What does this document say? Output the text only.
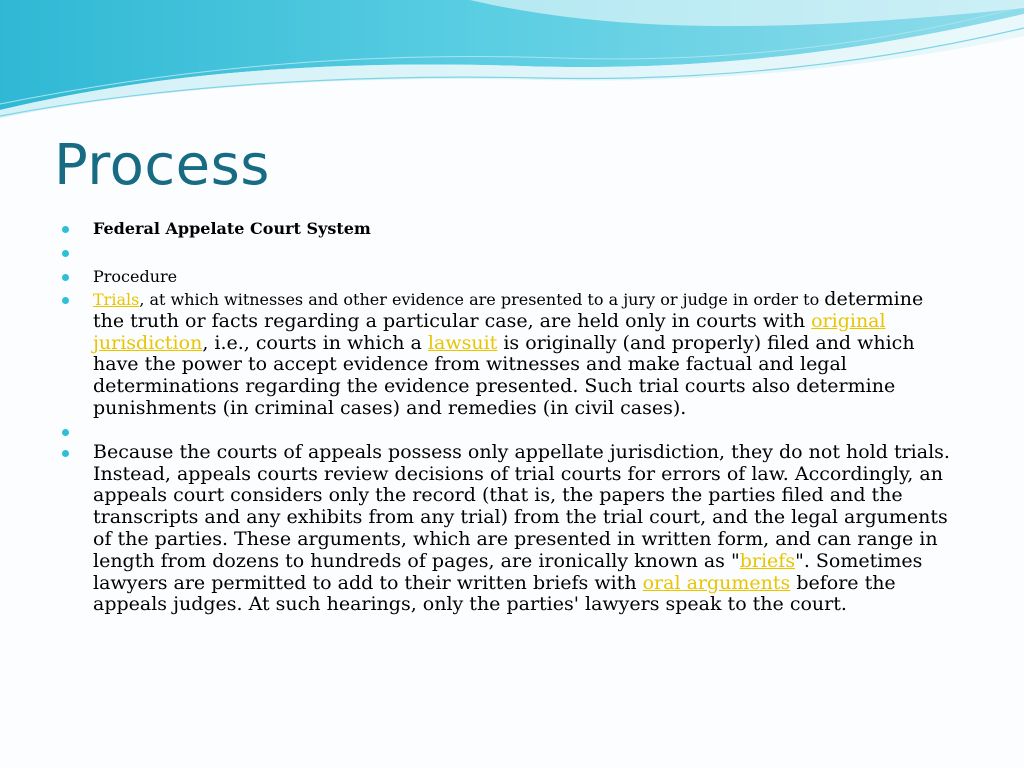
Process
Federal Appelate Court System
Procedure
Trials, at which witnesses and other evidence are presented to a jury or judge in order to determine the truth or facts regarding a particular case, are held only in courts with original jurisdiction, i.e., courts in which a lawsuit is originally (and properly) filed and which have the power to accept evidence from witnesses and make factual and legal determinations regarding the evidence presented. Such trial courts also determine punishments (in criminal cases) and remedies (in civil cases).
Because the courts of appeals possess only appellate jurisdiction, they do not hold trials. Instead, appeals courts review decisions of trial courts for errors of law. Accordingly, an appeals court considers only the record (that is, the papers the parties filed and the transcripts and any exhibits from any trial) from the trial court, and the legal arguments of the parties. These arguments, which are presented in written form, and can range in length from dozens to hundreds of pages, are ironically known as "briefs". Sometimes lawyers are permitted to add to their written briefs with oral arguments before the appeals judges. At such hearings, only the parties' lawyers speak to the court.
